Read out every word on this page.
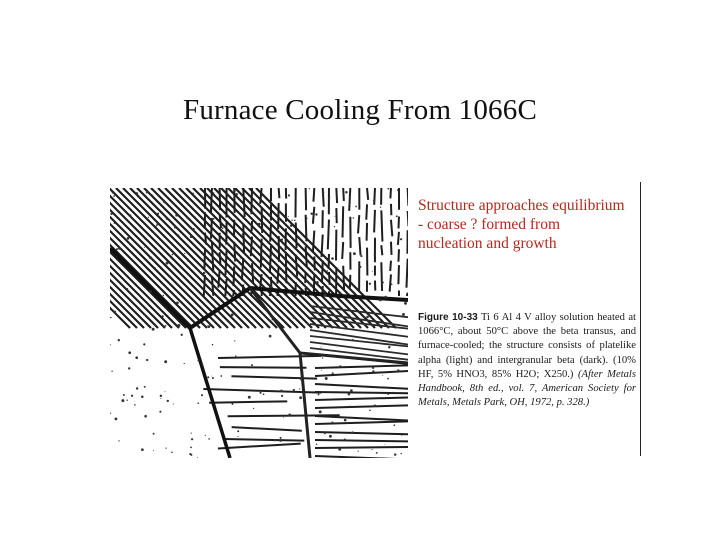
Furnace Cooling From 1066C
Structure approaches equilibrium
- coarse ? formed from
nucleation and growth
Figure 10-33 Ti 6 Al 4 V alloy solution heated at 1066°C, about 50°C above the beta transus, and furnace-cooled; the structure consists of platelike alpha (light) and intergranular beta (dark). (10% HF, 5% HNO3, 85% H2O; X250.) (After Metals Handbook, 8th ed., vol. 7, American Society for Metals, Metals Park, OH, 1972, p. 328.)
